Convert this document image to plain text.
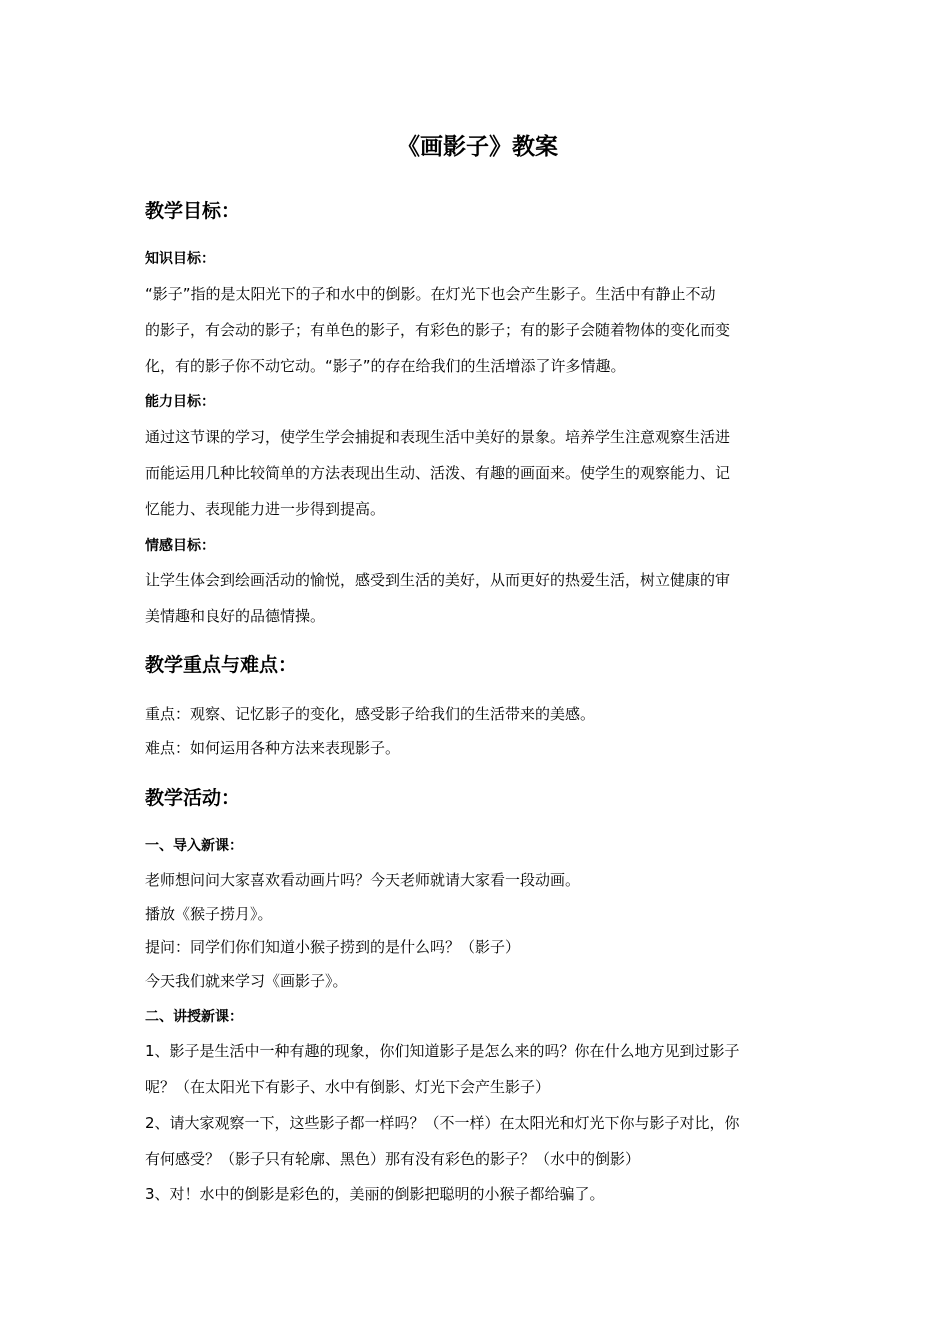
《画影子》教案
教学目标：
知识目标：
“影子”指的是太阳光下的子和水中的倒影。在灯光下也会产生影子。生活中有静止不动
的影子，有会动的影子；有单色的影子，有彩色的影子；有的影子会随着物体的变化而变
化，有的影子你不动它动。“影子”的存在给我们的生活增添了许多情趣。
能力目标：
通过这节课的学习，使学生学会捕捉和表现生活中美好的景象。培养学生注意观察生活进
而能运用几种比较简单的方法表现出生动、活泼、有趣的画面来。使学生的观察能力、记
忆能力、表现能力进一步得到提高。
情感目标：
让学生体会到绘画活动的愉悦，感受到生活的美好，从而更好的热爱生活，树立健康的审
美情趣和良好的品德情操。
教学重点与难点：
重点：观察、记忆影子的变化，感受影子给我们的生活带来的美感。
难点：如何运用各种方法来表现影子。
教学活动：
一、导入新课：
老师想问问大家喜欢看动画片吗？今天老师就请大家看一段动画。
播放《猴子捞月》。
提问：同学们你们知道小猴子捞到的是什么吗？（影子）
今天我们就来学习《画影子》。
二、讲授新课：
1、影子是生活中一种有趣的现象，你们知道影子是怎么来的吗？你在什么地方见到过影子
呢？（在太阳光下有影子、水中有倒影、灯光下会产生影子）
2、请大家观察一下，这些影子都一样吗？（不一样）在太阳光和灯光下你与影子对比，你
有何感受？（影子只有轮廓、黑色）那有没有彩色的影子？（水中的倒影）
3、对！水中的倒影是彩色的，美丽的倒影把聪明的小猴子都给骗了。
